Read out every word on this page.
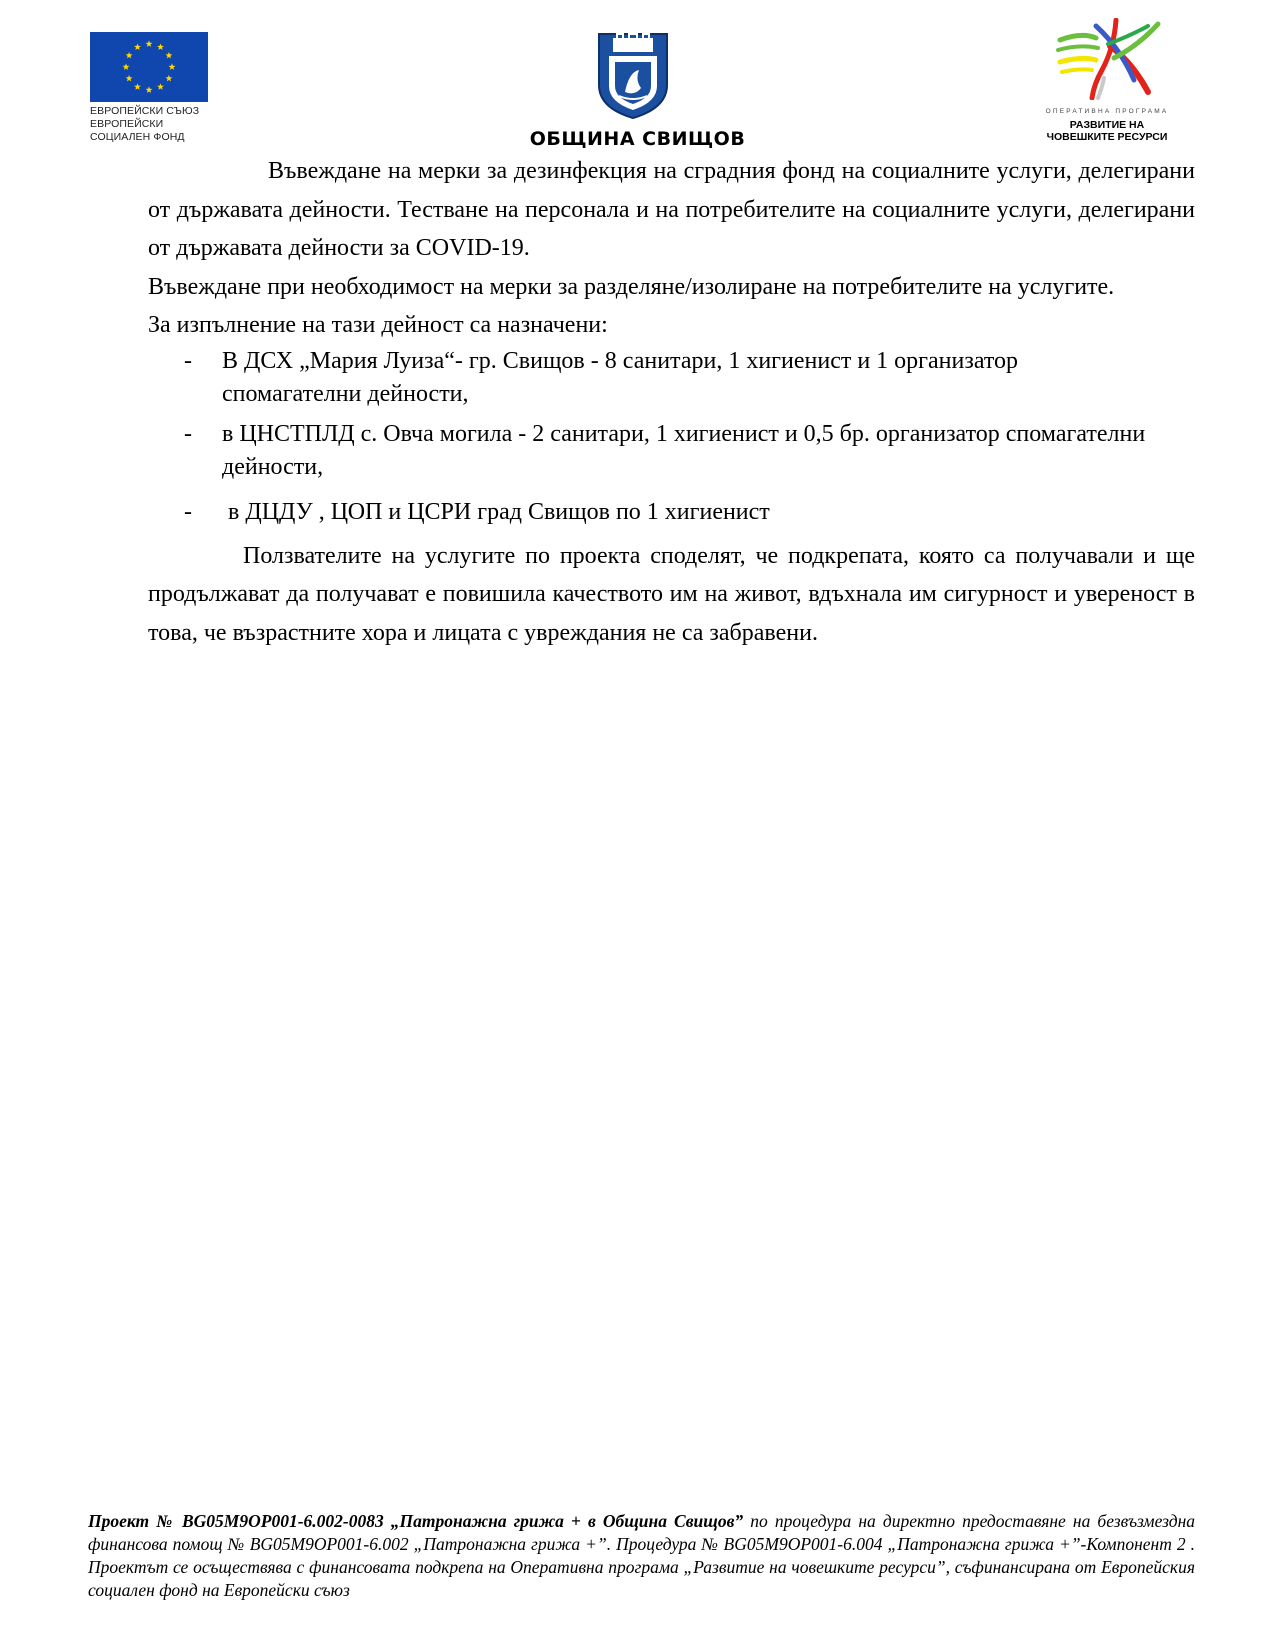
ЕВРОПЕЙСКИ СЪЮЗ
ЕВРОПЕЙСКИ
СОЦИАЛЕН ФОНД	ОБЩИНА СВИЩОВ
ОПЕРАТИВНА ПРОГРАМА
РАЗВИТИЕ НА
ЧОВЕШКИТЕ РЕСУРСИ

Въвеждане на мерки за дезинфекция на сградния фонд на социалните услуги, делегирани от държавата дейности. Тестване на персонала и на потребителите на социалните услуги, делегирани от държавата дейности за COVID-19.

Въвеждане при необходимост на мерки за разделяне/изолиране на потребителите на услугите.

За изпълнение на тази дейност са назначени:

- В ДСХ „Мария Луиза“- гр. Свищов - 8 санитари, 1 хигиенист и 1 организатор спомагателни дейности,
- в ЦНСТПЛД с. Овча могила - 2 санитари, 1 хигиенист и 0,5 бр. организатор спомагателни дейности,
- в ДЦДУ , ЦОП и ЦСРИ град Свищов по 1 хигиенист

Ползвателите на услугите по проекта споделят, че подкрепата, която са получавали и ще продължават да получават е повишила качеството им на живот, вдъхнала им сигурност и увереност в това, че възрастните хора и лицата с увреждания не са забравени.

Проект № BG05M9OP001-6.002-0083 „Патронажна грижа + в Община Свищов” по процедура на директно предоставяне на безвъзмездна финансова помощ № BG05M9OP001-6.002 „Патронажна грижа +”. Процедура № BG05M9OP001-6.004 „Патронажна грижа +”-Компонент 2 . Проектът се осъществява с финансовата подкрепа на Оперативна програма „Развитие на човешките ресурси”, съфинансирана от Европейския социален фонд на Европейски съюз
